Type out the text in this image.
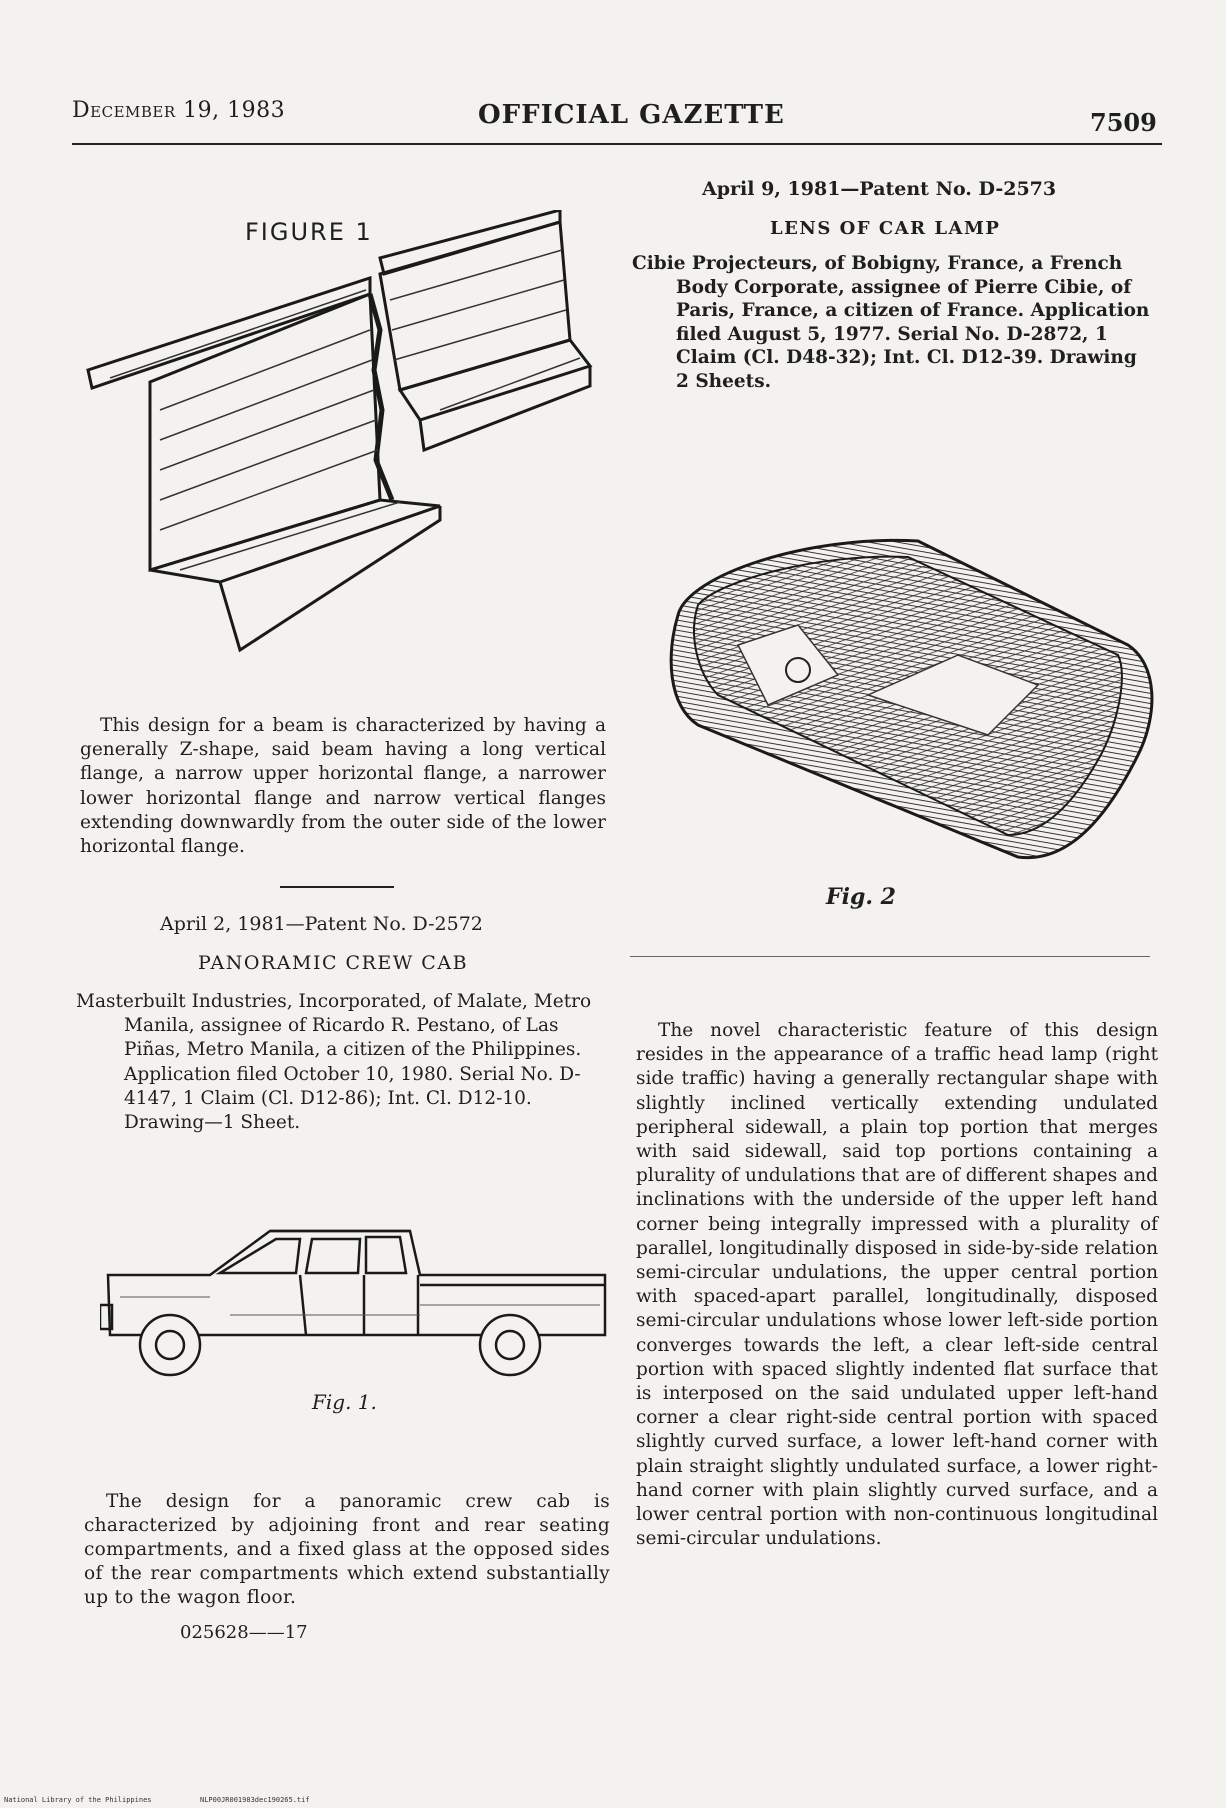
December 19, 1983	OFFICIAL GAZETTE	7509
April 9, 1981—Patent No. D-2573
LENS OF CAR LAMP
Cibie Projecteurs, of Bobigny, France, a French Body Corporate, assignee of Pierre Cibie, of Paris, France, a citizen of France. Application filed August 5, 1977. Serial No. D-2872, 1 Claim (Cl. D48-32); Int. Cl. D12-39. Drawing 2 Sheets.
FIGURE 1
This design for a beam is characterized by having a generally Z-shape, said beam having a long vertical flange, a narrow upper horizontal flange, a narrower lower horizontal flange and narrow vertical flanges extending downwardly from the outer side of the lower horizontal flange.
April 2, 1981—Patent No. D-2572
PANORAMIC CREW CAB
Masterbuilt Industries, Incorporated, of Malate, Metro Manila, assignee of Ricardo R. Pestano, of Las Piñas, Metro Manila, a citizen of the Philippines. Application filed October 10, 1980. Serial No. D-4147, 1 Claim (Cl. D12-86); Int. Cl. D12-10. Drawing—1 Sheet.
Fig. 1.
The design for a panoramic crew cab is characterized by adjoining front and rear seating compartments, and a fixed glass at the opposed sides of the rear compartments which extend substantially up to the wagon floor.
025628——17
Fig. 2
The novel characteristic feature of this design resides in the appearance of a traffic head lamp (right side traffic) having a generally rectangular shape with slightly inclined vertically extending undulated peripheral sidewall, a plain top portion that merges with said sidewall, said top portions containing a plurality of undulations that are of different shapes and inclinations with the underside of the upper left hand corner being integrally impressed with a plurality of parallel, longitudinally disposed in side-by-side relation semi-circular undulations, the upper central portion with spaced-apart parallel, longitudinally, disposed semi-circular undulations whose lower left-side portion converges towards the left, a clear left-side central portion with spaced slightly indented flat surface that is interposed on the said undulated upper left-hand corner a clear right-side central portion with spaced slightly curved surface, a lower left-hand corner with plain straight slightly undulated surface, a lower right-hand corner with plain slightly curved surface, and a lower central portion with non-continuous longitudinal semi-circular undulations.
National Library of the Philippines	NLP00JR001983dec190265.tif
